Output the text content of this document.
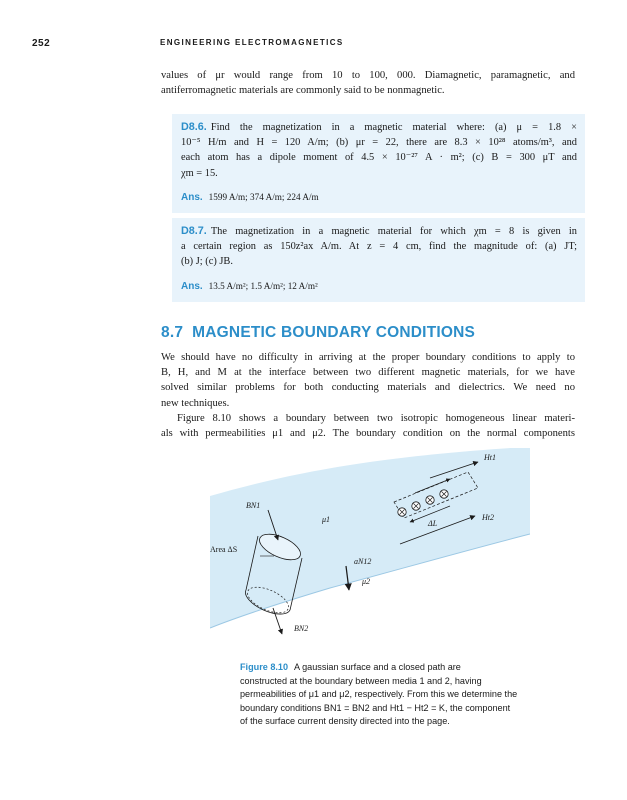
252	ENGINEERING ELECTROMAGNETICS
values of μr would range from 10 to 100, 000. Diamagnetic, paramagnetic, and
antiferromagnetic materials are commonly said to be nonmagnetic.

D8.6. Find the magnetization in a magnetic material where: (a) μ = 1.8 ×
10⁻⁵ H/m and H = 120 A/m; (b) μr = 22, there are 8.3 × 10²⁸ atoms/m³, and
each atom has a dipole moment of 4.5 × 10⁻²⁷ A · m²; (c) B = 300 μT and
χm = 15.

Ans. 1599 A/m; 374 A/m; 224 A/m

D8.7. The magnetization in a magnetic material for which χm = 8 is given in
a certain region as 150z²ax A/m. At z = 4 cm, find the magnitude of: (a) JT;
(b) J; (c) JB.

Ans. 13.5 A/m²; 1.5 A/m²; 12 A/m²

8.7 MAGNETIC BOUNDARY CONDITIONS
We should have no difficulty in arriving at the proper boundary conditions to apply to
B, H, and M at the interface between two different magnetic materials, for we have
solved similar problems for both conducting materials and dielectrics. We need no
new techniques.
Figure 8.10 shows a boundary between two isotropic homogeneous linear materi-
als with permeabilities μ1 and μ2. The boundary condition on the normal components
Ht1
Ht2
BN1
BN2
μ1
μ2
aN12
ΔL
Area ΔS
Figure 8.10 A gaussian surface and a closed path are
constructed at the boundary between media 1 and 2, having
permeabilities of μ1 and μ2, respectively. From this we determine the
boundary conditions BN1 = BN2 and Ht1 − Ht2 = K, the component
of the surface current density directed into the page.
